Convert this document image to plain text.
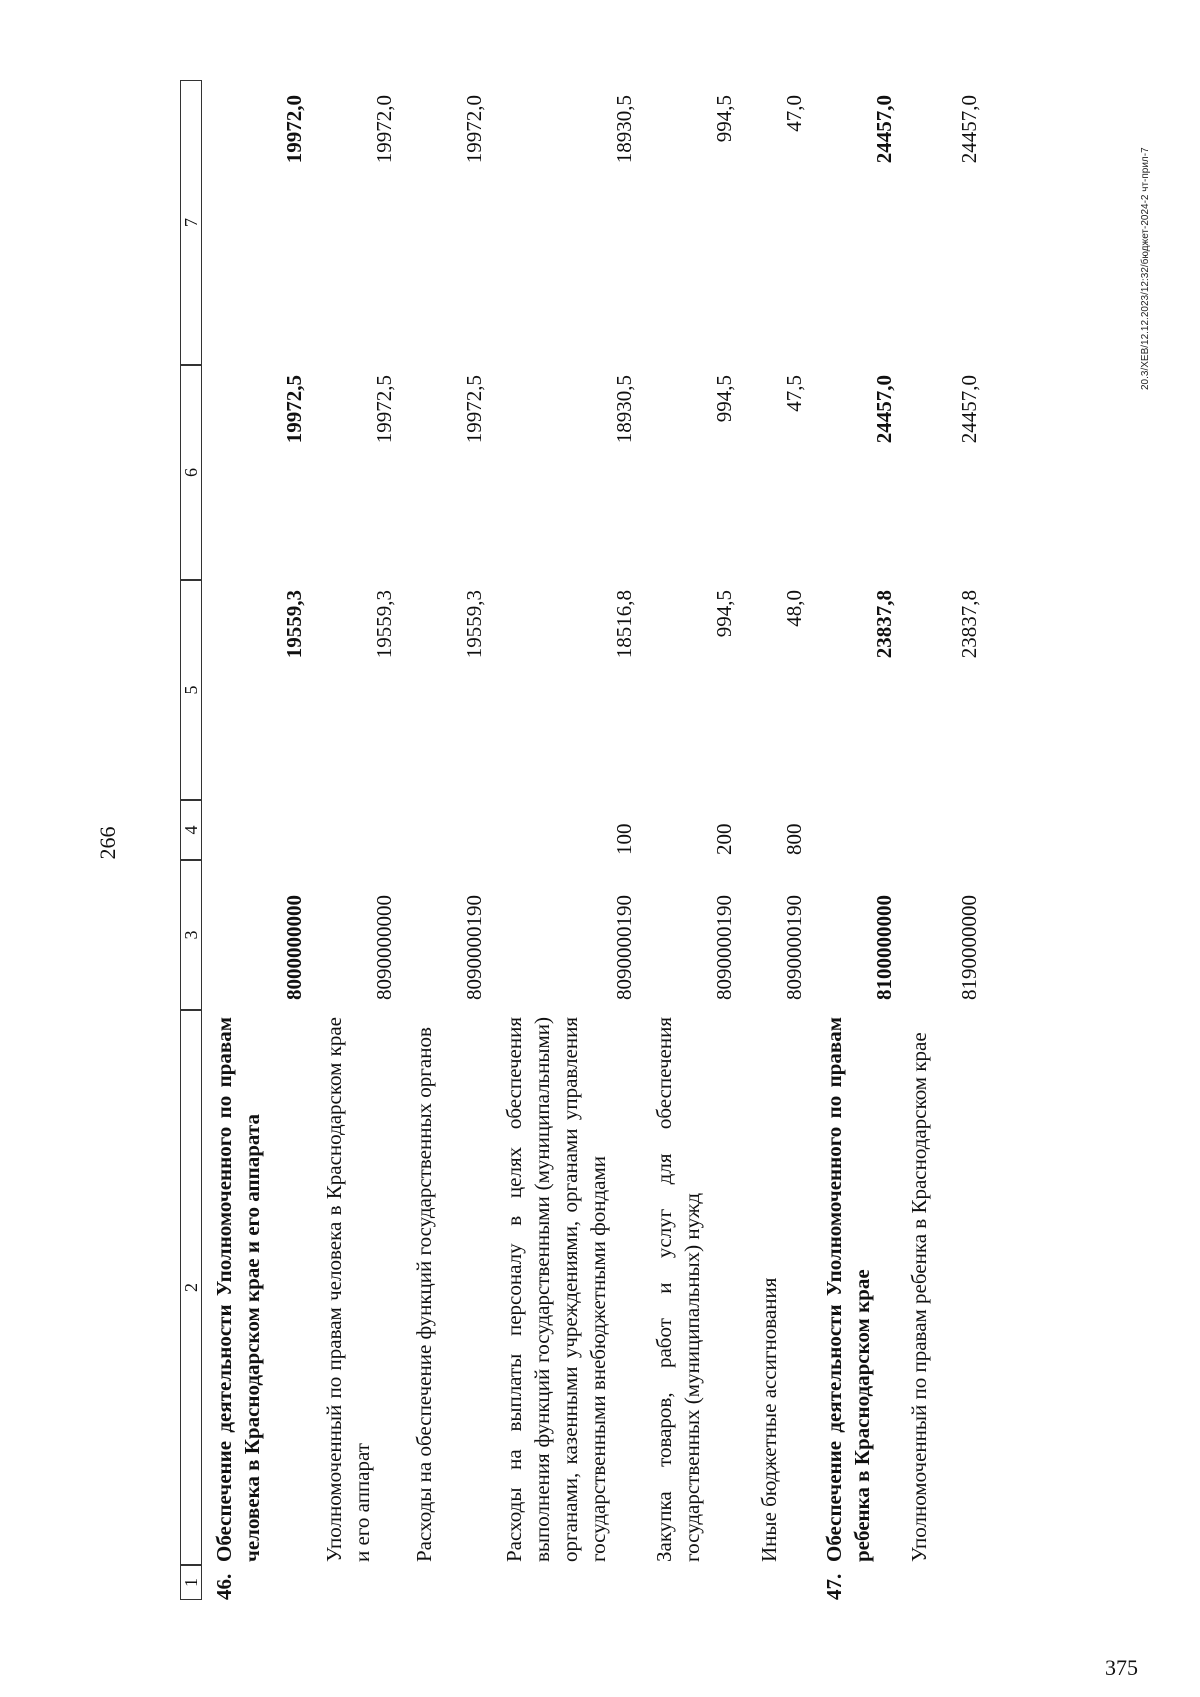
266
375
20.3/XEB/12.12.2023/12:32/бюджет-2024-2 чт-прил-7
1
2
3
4
5
6
7
46.
Обеспечение деятельности Уполномоченного по правам человека в Краснодарском крае и его аппарата
8000000000
19559,3
19972,5
19972,0
Уполномоченный по правам человека в Краснодарском крае и его аппарат
8090000000
19559,3
19972,5
19972,0
Расходы на обеспечение функций государственных органов
8090000190
19559,3
19972,5
19972,0
Расходы на выплаты персоналу в целях обеспечения выполнения функций государственными (муниципальными) органами, казенными учреждениями, органами управления государственными внебюджетными фондами
8090000190
100
18516,8
18930,5
18930,5
Закупка товаров, работ и услуг для обеспечения государственных (муниципальных) нужд
8090000190
200
994,5
994,5
994,5
Иные бюджетные ассигнования
8090000190
800
48,0
47,5
47,0
47.
Обеспечение деятельности Уполномоченного по правам ребенка в Краснодарском крае
8100000000
23837,8
24457,0
24457,0
Уполномоченный по правам ребенка в Краснодарском крае
8190000000
23837,8
24457,0
24457,0
